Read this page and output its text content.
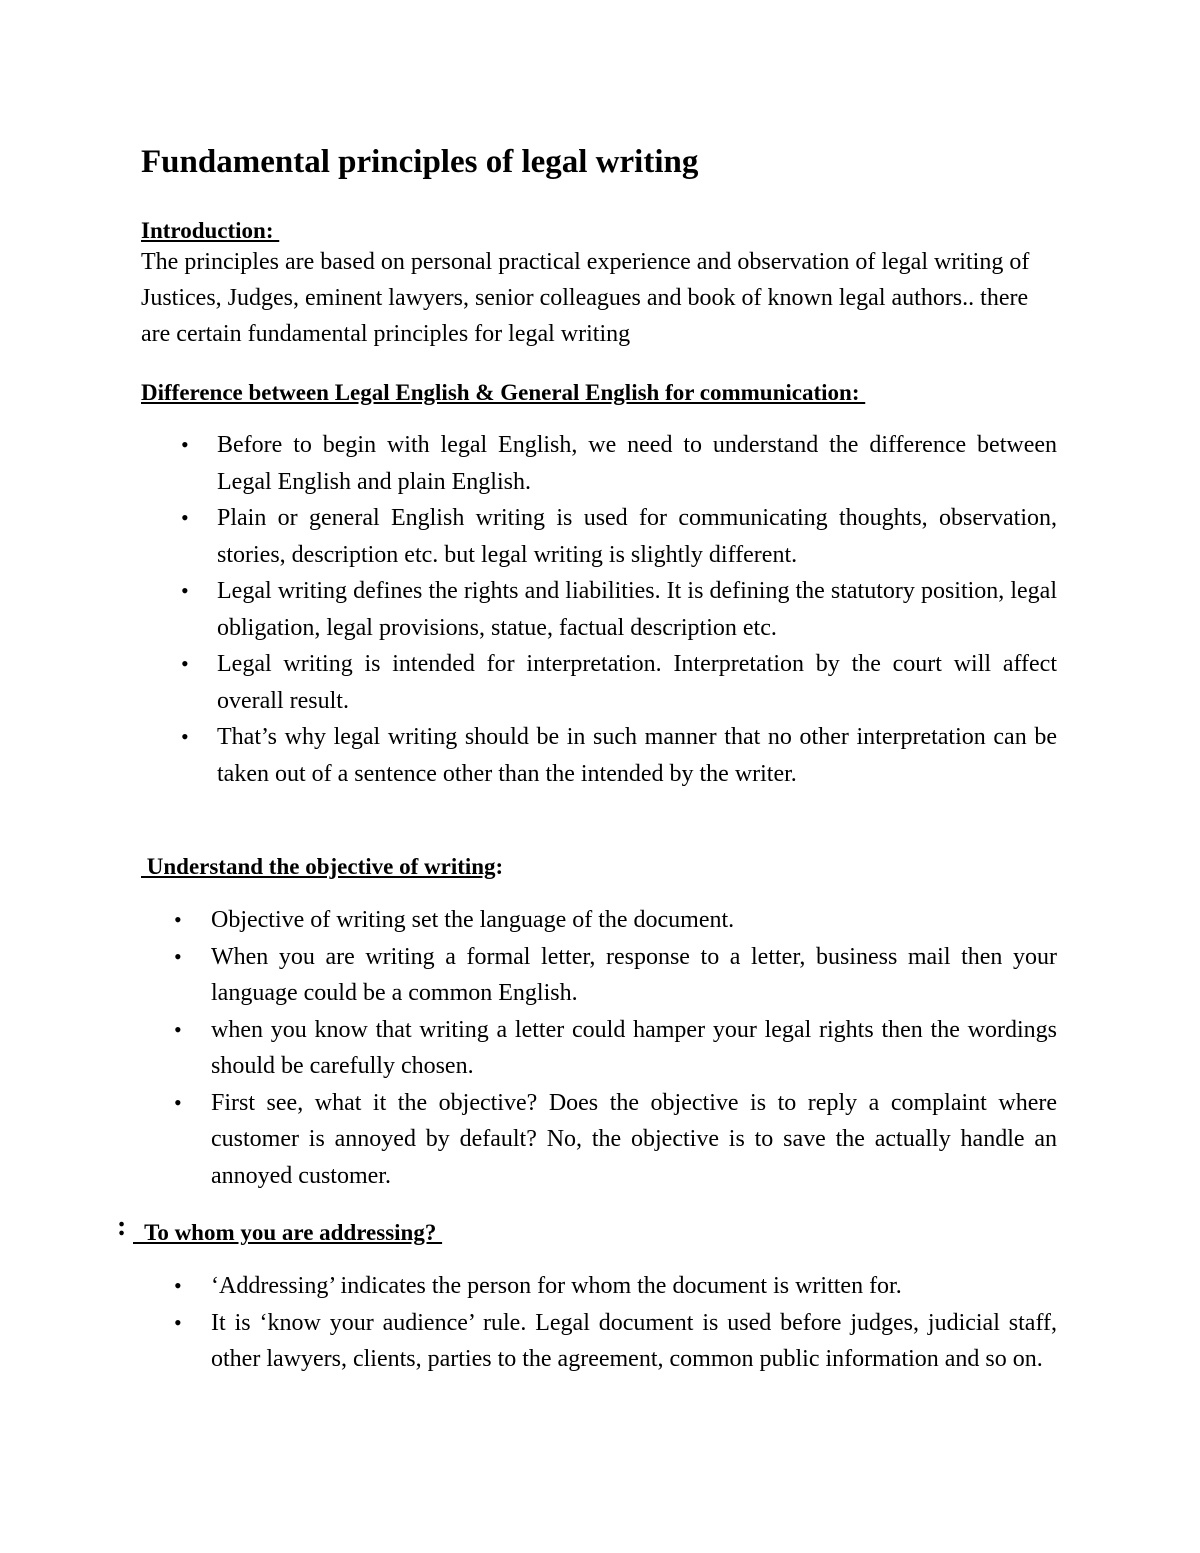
Fundamental principles of legal writing
Introduction:

The principles are based on personal practical experience and observation of legal writing of Justices, Judges, eminent lawyers, senior colleagues and book of known legal authors.. there are certain fundamental principles for legal writing

Difference between Legal English & General English for communication:
• Before to begin with legal English, we need to understand the difference between Legal English and plain English.
• Plain or general English writing is used for communicating thoughts, observation, stories, description etc. but legal writing is slightly different.
• Legal writing defines the rights and liabilities. It is defining the statutory position, legal obligation, legal provisions, statue, factual description etc.
• Legal writing is intended for interpretation. Interpretation by the court will affect overall result.
• That’s why legal writing should be in such manner that no other interpretation can be taken out of a sentence other than the intended by the writer.
Understand the objective of writing:
• Objective of writing set the language of the document.
• When you are writing a formal letter, response to a letter, business mail then your language could be a common English.
• when you know that writing a letter could hamper your legal rights then the wordings should be carefully chosen.
• First see, what it the objective? Does the objective is to reply a complaint where customer is annoyed by default? No, the objective is to save the actually handle an annoyed customer.
: To whom you are addressing?
• ‘Addressing’ indicates the person for whom the document is written for.
• It is ‘know your audience’ rule. Legal document is used before judges, judicial staff, other lawyers, clients, parties to the agreement, common public information and so on.
